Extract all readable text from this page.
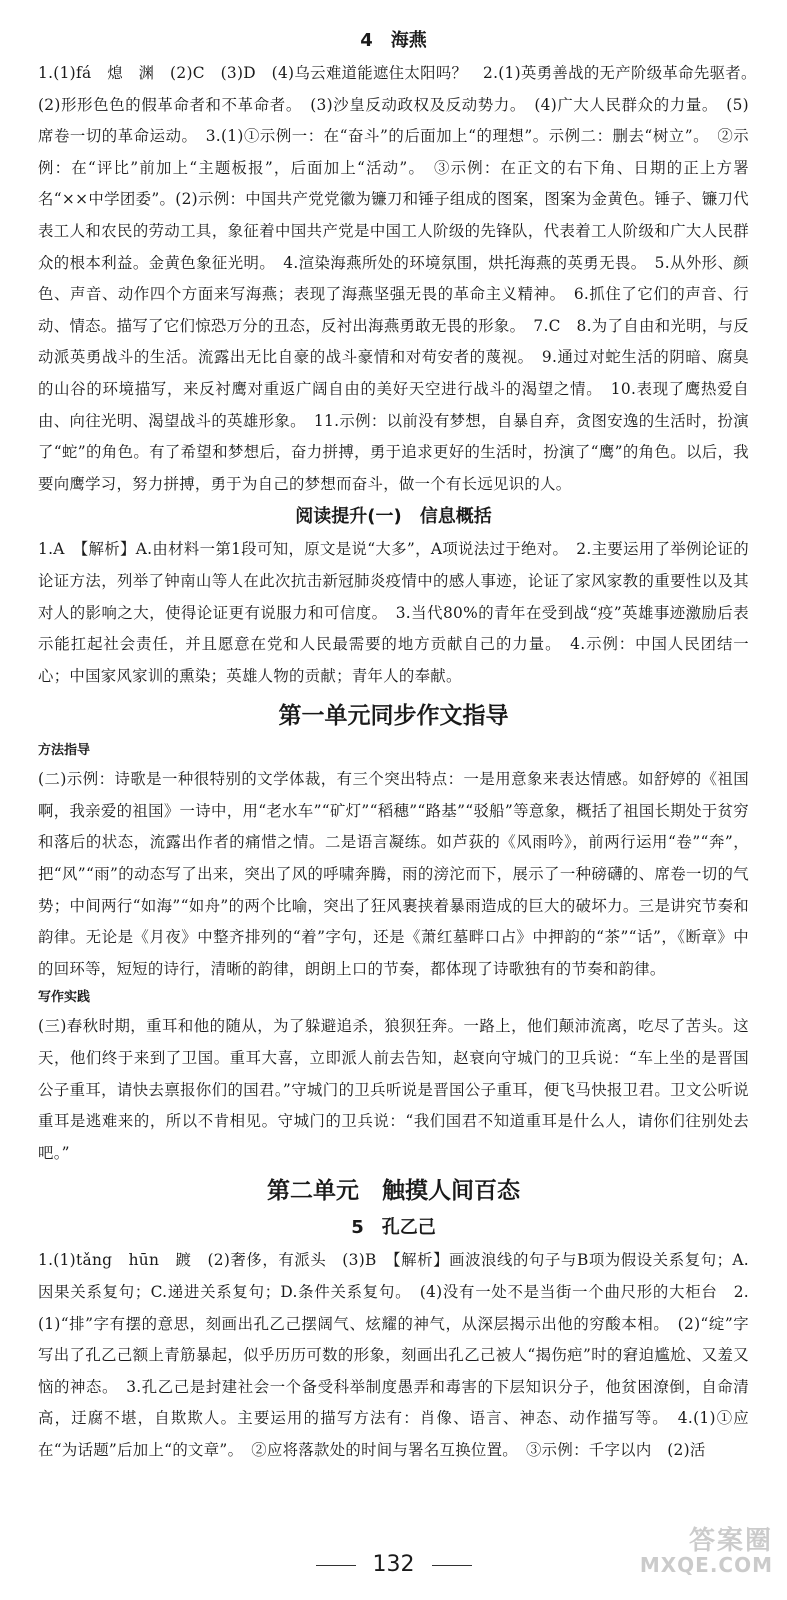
4　海燕

1.(1)fá　熄　渊　(2)C　(3)D　(4)乌云难道能遮住太阳吗？　2.(1)英勇善战的无产阶级革命先驱者。　(2)形形色色的假革命者和不革命者。　(3)沙皇反动政权及反动势力。　(4)广大人民群众的力量。　(5)席卷一切的革命运动。　3.(1)①示例一：在“奋斗”的后面加上“的理想”。示例二：删去“树立”。　②示例：在“评比”前加上“主题板报”，后面加上“活动”。　③示例：在正文的右下角、日期的正上方署名“××中学团委”。(2)示例：中国共产党党徽为镰刀和锤子组成的图案，图案为金黄色。锤子、镰刀代表工人和农民的劳动工具，象征着中国共产党是中国工人阶级的先锋队，代表着工人阶级和广大人民群众的根本利益。金黄色象征光明。　4.渲染海燕所处的环境氛围，烘托海燕的英勇无畏。　5.从外形、颜色、声音、动作四个方面来写海燕；表现了海燕坚强无畏的革命主义精神。　6.抓住了它们的声音、行动、情态。描写了它们惊恐万分的丑态，反衬出海燕勇敢无畏的形象。　7.C　8.为了自由和光明，与反动派英勇战斗的生活。流露出无比自豪的战斗豪情和对苟安者的蔑视。　9.通过对蛇生活的阴暗、腐臭的山谷的环境描写，来反衬鹰对重返广阔自由的美好天空进行战斗的渴望之情。　10.表现了鹰热爱自由、向往光明、渴望战斗的英雄形象。　11.示例：以前没有梦想，自暴自弃，贪图安逸的生活时，扮演了“蛇”的角色。有了希望和梦想后，奋力拼搏，勇于追求更好的生活时，扮演了“鹰”的角色。以后，我要向鹰学习，努力拼搏，勇于为自己的梦想而奋斗，做一个有长远见识的人。

阅读提升(一)　信息概括

1.A　【解析】A.由材料一第1段可知，原文是说“大多”，A项说法过于绝对。　2.主要运用了举例论证的论证方法，列举了钟南山等人在此次抗击新冠肺炎疫情中的感人事迹，论证了家风家教的重要性以及其对人的影响之大，使得论证更有说服力和可信度。　3.当代80%的青年在受到战“疫”英雄事迹激励后表示能扛起社会责任，并且愿意在党和人民最需要的地方贡献自己的力量。　4.示例：中国人民团结一心；中国家风家训的熏染；英雄人物的贡献；青年人的奉献。

第一单元同步作文指导
方法指导

(二)示例：诗歌是一种很特别的文学体裁，有三个突出特点：一是用意象来表达情感。如舒婷的《祖国啊，我亲爱的祖国》一诗中，用“老水车”“矿灯”“稻穗”“路基”“驳船”等意象，概括了祖国长期处于贫穷和落后的状态，流露出作者的痛惜之情。二是语言凝练。如芦荻的《风雨吟》，前两行运用“卷”“奔”，把“风”“雨”的动态写了出来，突出了风的呼啸奔腾，雨的滂沱而下，展示了一种磅礴的、席卷一切的气势；中间两行“如海”“如舟”的两个比喻，突出了狂风裹挟着暴雨造成的巨大的破坏力。三是讲究节奏和韵律。无论是《月夜》中整齐排列的“着”字句，还是《萧红墓畔口占》中押韵的“茶”“话”，《断章》中的回环等，短短的诗行，清晰的韵律，朗朗上口的节奏，都体现了诗歌独有的节奏和韵律。

写作实践

(三)春秋时期，重耳和他的随从，为了躲避追杀，狼狈狂奔。一路上，他们颠沛流离，吃尽了苦头。这天，他们终于来到了卫国。重耳大喜，立即派人前去告知，赵衰向守城门的卫兵说：“车上坐的是晋国公子重耳，请快去禀报你们的国君。”守城门的卫兵听说是晋国公子重耳，便飞马快报卫君。卫文公听说重耳是逃难来的，所以不肯相见。守城门的卫兵说：“我们国君不知道重耳是什么人，请你们往别处去吧。”

第二单元　触摸人间百态
5　孔乙己

1.(1)tǎng　hūn　踱　(2)奢侈，有派头　(3)B　【解析】画波浪线的句子与B项为假设关系复句；A.因果关系复句；C.递进关系复句；D.条件关系复句。　(4)没有一处不是当街一个曲尺形的大柜台　2.(1)“排”字有摆的意思，刻画出孔乙己摆阔气、炫耀的神气，从深层揭示出他的穷酸本相。　(2)“绽”字写出了孔乙己额上青筋暴起，似乎历历可数的形象，刻画出孔乙己被人“揭伤疤”时的窘迫尴尬、又羞又恼的神态。　3.孔乙己是封建社会一个备受科举制度愚弄和毒害的下层知识分子，他贫困潦倒，自命清高，迂腐不堪，自欺欺人。主要运用的描写方法有：肖像、语言、神态、动作描写等。　4.(1)①应在“为话题”后加上“的文章”。　②应将落款处的时间与署名互换位置。　③示例：千字以内　(2)活

132
答案圈
MXQE.COM
